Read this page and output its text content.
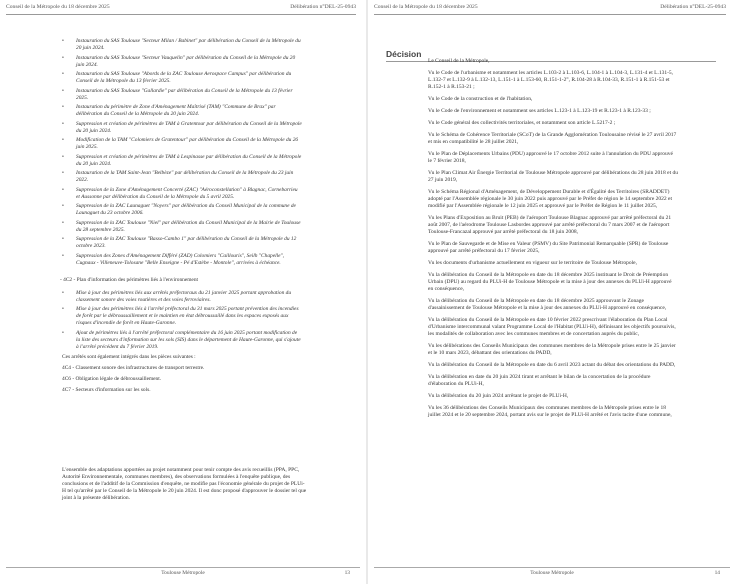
Conseil de la Métropole du 18 décembre 2025	Délibération n°DEL-25-0943
• Instauration du SAS Toulouse "Secteur Milan / Babinet" par délibération du Conseil de la Métropole du 20 juin 2024.
• Instauration du SAS Toulouse "Secteur Vauquelin" par délibération du Conseil de la Métropole du 20 juin 2024.
• Instauration du SAS Toulouse "Abords de la ZAC Toulouse Aerospace Campus" par délibération du Conseil de la Métropole du 13 février 2025.
• Instauration du SAS Toulouse "Gallardie" par délibération du Conseil de la Métropole du 13 février 2025.
• Instauration du périmètre de Zone d'Aménagement Maîtrisé (TAM) "Commune de Brax" par délibération du Conseil de la Métropole du 20 juin 2024.
• Suppression et création de périmètres de TAM à Gratentour par délibération du Conseil de la Métropole du 20 juin 2024.
• Modification de la TAM "Colomiers de Gratentour" par délibération du Conseil de la Métropole du 26 juin 2025.
• Suppression et création de périmètres de TAM à Lespinasse par délibération du Conseil de la Métropole du 20 juin 2024.
• Instauration de la TAM Saint-Jean "Belbèze" par délibération du Conseil de la Métropole du 23 juin 2022.
• Suppression de la Zone d'Aménagement Concerté (ZAC) "Aéroconstellation" à Blagnac, Cornebarrieu et Aussonne par délibération du Conseil de la Métropole du 5 avril 2025.
• Suppression de la ZAC Launaguet "Noyers" par délibération du Conseil Municipal de la commune de Launaguet du 23 octobre 2006.
• Suppression de la ZAC Toulouse "Niel" par délibération du Conseil Municipal de la Mairie de Toulouse du 28 septembre 2025.
• Suppression de la ZAC Toulouse "Basso-Cambo 1" par délibération du Conseil de la Métropole du 12 octobre 2023.
• Suppression des Zones d'Aménagement Différé (ZAD) Colomiers "Caillouris", Seilh "Chapelle", Cugnaux - Villeneuve-Tolosane "Belle Enseigne - Pé d'Estèbe - Montole", arrivées à échéance.
- 4C2 - Plan d'information des périmètres liés à l'environnement
• Mise à jour des périmètres liés aux arrêtés préfectoraux du 21 janvier 2025 portant approbation du classement sonore des voies routières et des voies ferroviaires.
• Mise à jour des périmètres liés à l'arrêté préfectoral du 31 mars 2025 portant prévention des incendies de forêt par le débroussaillement et le maintien en état débroussaillé dans les espaces exposés aux risques d'incendie de forêt en Haute-Garonne.
• Ajout de périmètres liés à l'arrêté préfectoral complémentaire du 16 juin 2025 portant modification de la liste des secteurs d'information sur les sols (SIS) dans le département de Haute-Garonne, qui s'ajoute à l'arrêté précédent du 7 février 2019.
Ces arrêtés sont également intégrés dans les pièces suivantes :
4C4 - Classement sonore des infrastructures de transport terrestre.
4C6 - Obligation légale de débroussaillement.
4C7 - Secteurs d'information sur les sols.
L'ensemble des adaptations apportées au projet notamment pour tenir compte des avis recueillis (PPA, PPC, Autorité Environnementale, communes membres), des observations formulées à l'enquête publique, des conclusions et de l'additif de la Commission d'enquête, ne modifie pas l'économie générale du projet de PLUi-H tel qu'arrêté par le Conseil de la Métropole le 20 juin 2024. Il est donc proposé d'approuver le dossier tel que joint à la présente délibération.
Toulouse Métropole	13
Conseil de la Métropole du 18 décembre 2025	Délibération n°DEL-25-0943
Décision
Le Conseil de la Métropole,
Vu le Code de l'urbanisme et notamment les articles L.103-2 à L.103-6, L.104-1 à L.104-3, L.131-4 et L.131-5, L.132-7 et L.132-9 à L.132-13, L.151-1 à L.153-60, R.151-1-2°, R.104-28 à R.104-33, R.151-1 à R.151-53 et R.152-1 à R.153-21 ;
Vu le Code de la construction et de l'habitation,
Vu le Code de l'environnement et notamment ses articles L.123-1 à L.123-19 et R.123-1 à R.123-33 ;
Vu le Code général des collectivités territoriales, et notamment son article L.5217-2 ;
Vu le Schéma de Cohérence Territoriale (SCoT) de la Grande Agglomération Toulousaine révisé le 27 avril 2017 et mis en compatibilité le 28 juillet 2021,
Vu le Plan de Déplacements Urbains (PDU) approuvé le 17 octobre 2012 suite à l'annulation du PDU approuvé le 7 février 2018,
Vu le Plan Climat Air Énergie Territorial de Toulouse Métropole approuvé par délibérations du 28 juin 2018 et du 27 juin 2019,
Vu le Schéma Régional d'Aménagement, de Développement Durable et d'Égalité des Territoires (SRADDET) adopté par l'Assemblée régionale le 30 juin 2022 puis approuvé par le Préfet de région le 14 septembre 2022 et modifié par l'Assemblée régionale le 12 juin 2025 et approuvé par le Préfet de Région le 11 juillet 2025,
Vu les Plans d'Exposition au Bruit (PEB) de l'aéroport Toulouse Blagnac approuvé par arrêté préfectoral du 21 août 2007, de l'aérodrome Toulouse Lasbordes approuvé par arrêté préfectoral du 7 mars 2007 et de l'aéroport Toulouse-Francazal approuvé par arrêté préfectoral du 18 juin 2008,
Vu le Plan de Sauvegarde et de Mise en Valeur (PSMV) du Site Patrimonial Remarquable (SPR) de Toulouse approuvé par arrêté préfectoral du 17 février 2025,
Vu les documents d'urbanisme actuellement en vigueur sur le territoire de Toulouse Métropole,
Vu la délibération du Conseil de la Métropole en date du 18 décembre 2025 instituant le Droit de Préemption Urbain (DPU) au regard du PLUi-H de Toulouse Métropole et la mise à jour des annexes du PLUi-H approuvé en conséquence,
Vu la délibération du Conseil de la Métropole en date du 18 décembre 2025 approuvant le Zonage d'assainissement de Toulouse Métropole et la mise à jour des annexes du PLUi-H approuvé en conséquence,
Vu la délibération du Conseil de la Métropole en date 10 février 2022 prescrivant l'élaboration du Plan Local d'Urbanisme intercommunal valant Programme Local de l'Habitat (PLUi-H), définissant les objectifs poursuivis, les modalités de collaboration avec les communes membres et de concertation auprès du public,
Vu les délibérations des Conseils Municipaux des communes membres de la Métropole prises entre le 25 janvier et le 10 mars 2023, débattant des orientations du PADD,
Vu la délibération du Conseil de la Métropole en date du 6 avril 2023 actant du débat des orientations du PADD,
Vu la délibération en date du 20 juin 2024 tirant et arrêtant le bilan de la concertation de la procédure d'élaboration du PLUi-H,
Vu la délibération du 20 juin 2024 arrêtant le projet de PLUi-H,
Vu les 36 délibérations des Conseils Municipaux des communes membres de la Métropole prises entre le 18 juillet 2024 et le 20 septembre 2024, portant avis sur le projet de PLUi-H arrêté et l'avis tacite d'une commune,
Toulouse Métropole	14
